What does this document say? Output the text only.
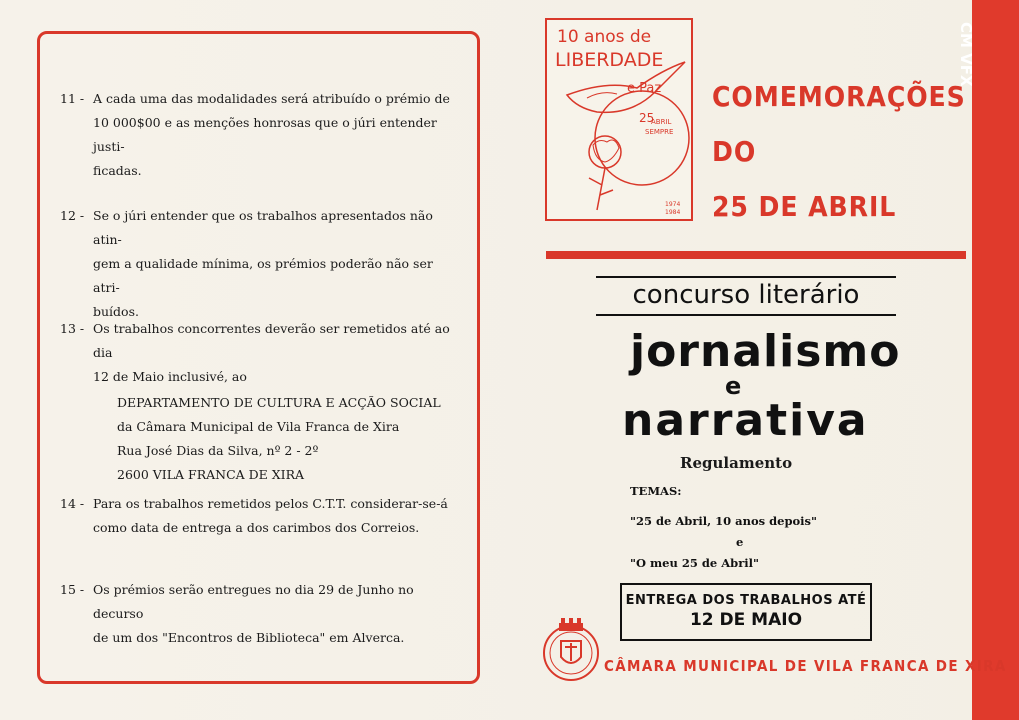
11 - A cada uma das modalidades será atribuído o prémio de
10 000$00 e as menções honrosas que o júri entender justi-
ficadas.
12 - Se o júri entender que os trabalhos apresentados não atin-
gem a qualidade mínima, os prémios poderão não ser atri-
buídos.
13 - Os trabalhos concorrentes deverão ser remetidos até ao dia
12 de Maio inclusivé, ao
DEPARTAMENTO DE CULTURA E ACÇÃO SOCIAL
da Câmara Municipal de Vila Franca de Xira
Rua José Dias da Silva, nº 2 - 2º
2600 VILA FRANCA DE XIRA
14 - Para os trabalhos remetidos pelos C.T.T. considerar-se-á
como data de entrega a dos carimbos dos Correios.
15 - Os prémios serão entregues no dia 29 de Junho no decurso
de um dos "Encontros de Biblioteca" em Alverca.
10 anos de
LIBERDADE
e Paz
25
ABRIL
SEMPRE
1974
1984
COMEMORAÇÕES
DO
25 DE ABRIL
CM VFX
concurso literário
jornalismo
e
narrativa
Regulamento
TEMAS:
"25 de Abril, 10 anos depois"
e
"O meu 25 de Abril"
ENTREGA DOS TRABALHOS ATÉ
12 DE MAIO
CÂMARA MUNICIPAL DE VILA FRANCA DE XIRA
